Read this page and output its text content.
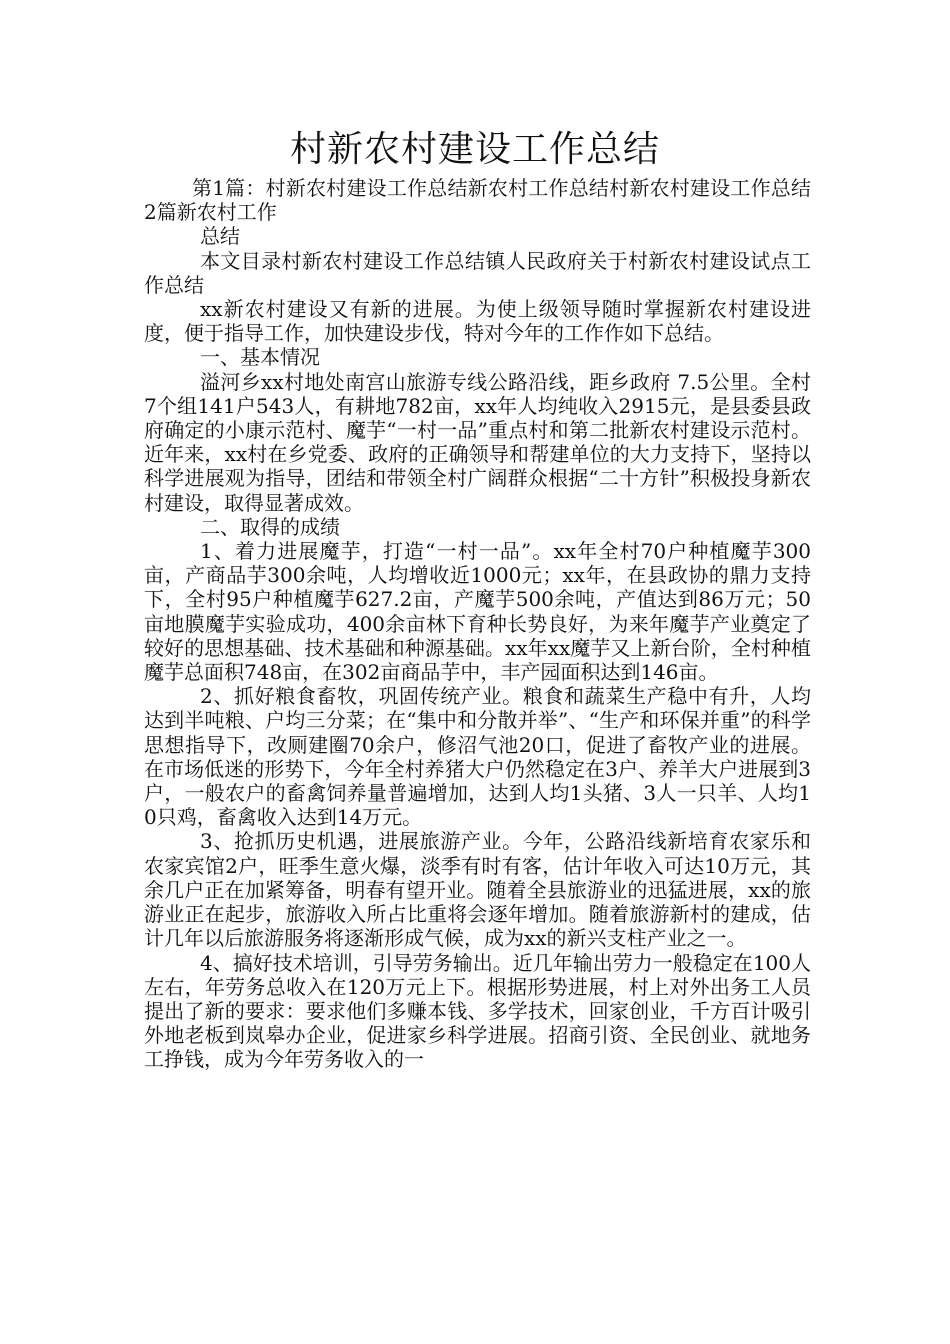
村新农村建设工作总结

第1篇：村新农村建设工作总结新农村工作总结村新农村建设工作总结2篇新农村工作

总结

本文目录村新农村建设工作总结镇人民政府关于村新农村建设试点工作总结

xx新农村建设又有新的进展。为使上级领导随时掌握新农村建设进度，便于指导工作，加快建设步伐，特对今年的工作作如下总结。

一、基本情况

溢河乡xx村地处南宫山旅游专线公路沿线，距乡政府 7.5公里。全村7个组141户543人，有耕地782亩，xx年人均纯收入2915元，是县委县政府确定的小康示范村、魔芋“一村一品”重点村和第二批新农村建设示范村。近年来，xx村在乡党委、政府的正确领导和帮建单位的大力支持下，坚持以科学进展观为指导，团结和带领全村广阔群众根据“二十方针”积极投身新农村建设，取得显著成效。

二、取得的成绩

1、着力进展魔芋，打造“一村一品”。xx年全村70户种植魔芋300亩，产商品芋300余吨，人均增收近1000元；xx年，在县政协的鼎力支持下，全村95户种植魔芋627.2亩，产魔芋500余吨，产值达到86万元；50亩地膜魔芋实验成功，400余亩林下育种长势良好，为来年魔芋产业奠定了较好的思想基础、技术基础和种源基础。xx年xx魔芋又上新台阶，全村种植魔芋总面积748亩，在302亩商品芋中，丰产园面积达到146亩。

2、抓好粮食畜牧，巩固传统产业。粮食和蔬菜生产稳中有升，人均达到半吨粮、户均三分菜；在“集中和分散并举”、“生产和环保并重”的科学思想指导下，改厕建圈70余户，修沼气池20口，促进了畜牧产业的进展。在市场低迷的形势下，今年全村养猪大户仍然稳定在3户、养羊大户进展到3户，一般农户的畜禽饲养量普遍增加，达到人均1头猪、3人一只羊、人均10只鸡，畜禽收入达到14万元。

3、抢抓历史机遇，进展旅游产业。今年，公路沿线新培育农家乐和农家宾馆2户，旺季生意火爆，淡季有时有客，估计年收入可达10万元，其余几户正在加紧筹备，明春有望开业。随着全县旅游业的迅猛进展，xx的旅游业正在起步，旅游收入所占比重将会逐年增加。随着旅游新村的建成，估计几年以后旅游服务将逐渐形成气候，成为xx的新兴支柱产业之一。

4、搞好技术培训，引导劳务输出。近几年输出劳力一般稳定在100人左右，年劳务总收入在120万元上下。根据形势进展，村上对外出务工人员提出了新的要求：要求他们多赚本钱、多学技术，回家创业，千方百计吸引外地老板到岚皋办企业，促进家乡科学进展。招商引资、全民创业、就地务工挣钱，成为今年劳务收入的一
